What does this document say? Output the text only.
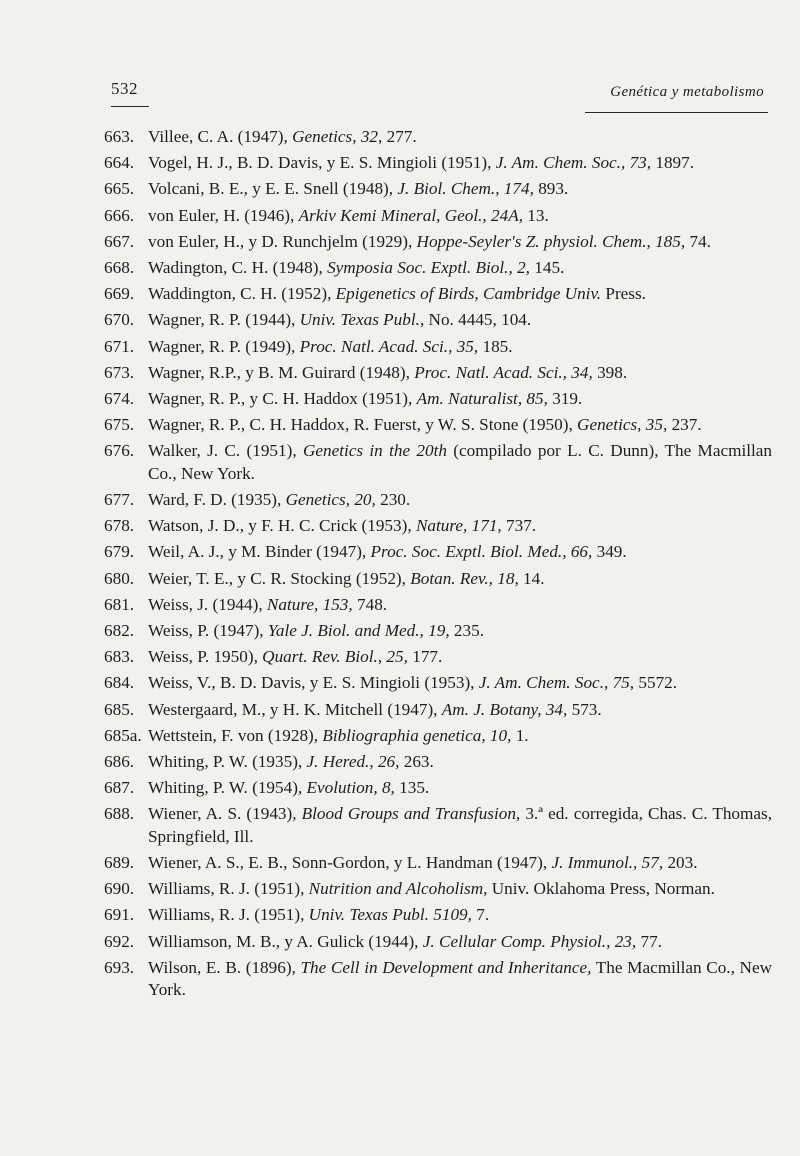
532	Genética y metabolismo
663. Villee, C. A. (1947), Genetics, 32, 277.
664. Vogel, H. J., B. D. Davis, y E. S. Mingioli (1951), J. Am. Chem. Soc., 73, 1897.
665. Volcani, B. E., y E. E. Snell (1948), J. Biol. Chem., 174, 893.
666. von Euler, H. (1946), Arkiv Kemi Mineral, Geol., 24A, 13.
667. von Euler, H., y D. Runchjelm (1929), Hoppe-Seyler's Z. physiol. Chem., 185, 74.
668. Wadington, C. H. (1948), Symposia Soc. Exptl. Biol., 2, 145.
669. Waddington, C. H. (1952), Epigenetics of Birds, Cambridge Univ. Press.
670. Wagner, R. P. (1944), Univ. Texas Publ., No. 4445, 104.
671. Wagner, R. P. (1949), Proc. Natl. Acad. Sci., 35, 185.
673. Wagner, R.P., y B. M. Guirard (1948), Proc. Natl. Acad. Sci., 34, 398.
674. Wagner, R. P., y C. H. Haddox (1951), Am. Naturalist, 85, 319.
675. Wagner, R. P., C. H. Haddox, R. Fuerst, y W. S. Stone (1950), Genetics, 35, 237.
676. Walker, J. C. (1951), Genetics in the 20th (compilado por L. C. Dunn), The Macmillan Co., New York.
677. Ward, F. D. (1935), Genetics, 20, 230.
678. Watson, J. D., y F. H. C. Crick (1953), Nature, 171, 737.
679. Weil, A. J., y M. Binder (1947), Proc. Soc. Exptl. Biol. Med., 66, 349.
680. Weier, T. E., y C. R. Stocking (1952), Botan. Rev., 18, 14.
681. Weiss, J. (1944), Nature, 153, 748.
682. Weiss, P. (1947), Yale J. Biol. and Med., 19, 235.
683. Weiss, P. 1950), Quart. Rev. Biol., 25, 177.
684. Weiss, V., B. D. Davis, y E. S. Mingioli (1953), J. Am. Chem. Soc., 75, 5572.
685. Westergaard, M., y H. K. Mitchell (1947), Am. J. Botany, 34, 573.
685a. Wettstein, F. von (1928), Bibliographia genetica, 10, 1.
686. Whiting, P. W. (1935), J. Hered., 26, 263.
687. Whiting, P. W. (1954), Evolution, 8, 135.
688. Wiener, A. S. (1943), Blood Groups and Transfusion, 3.ª ed. corregida, Chas. C. Thomas, Springfield, Ill.
689. Wiener, A. S., E. B., Sonn-Gordon, y L. Handman (1947), J. Immunol., 57, 203.
690. Williams, R. J. (1951), Nutrition and Alcoholism, Univ. Oklahoma Press, Norman.
691. Williams, R. J. (1951), Univ. Texas Publ. 5109, 7.
692. Williamson, M. B., y A. Gulick (1944), J. Cellular Comp. Physiol., 23, 77.
693. Wilson, E. B. (1896), The Cell in Development and Inheritance, The Macmillan Co., New York.
